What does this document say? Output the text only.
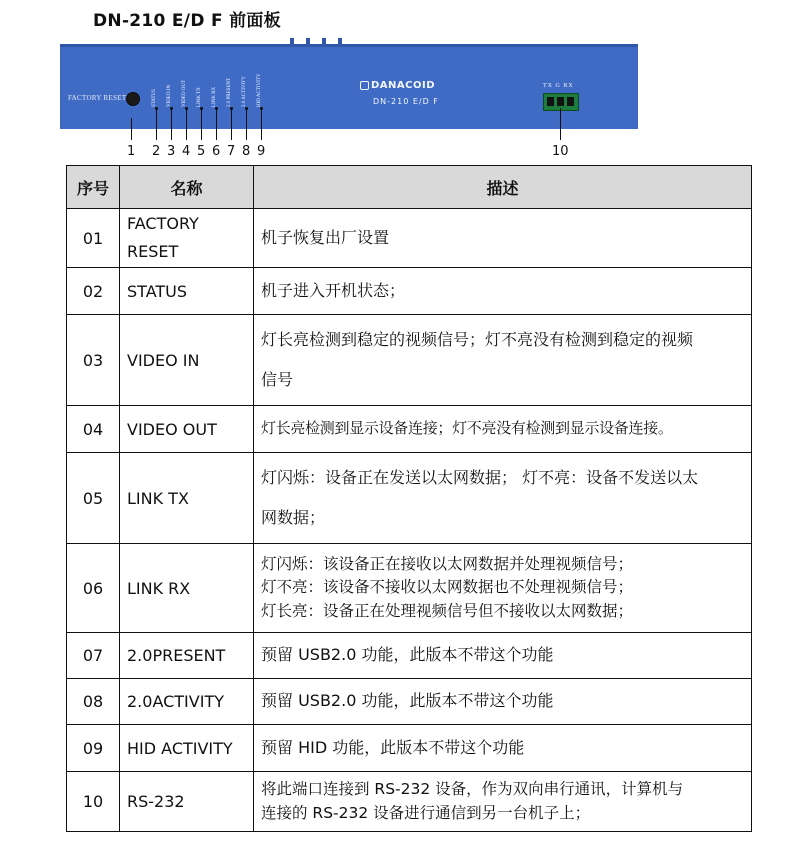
DN-210 E/D F 前面板
FACTORY RESET	STATUS VIDEO IN VIDEO OUT LINK TX LINK RX 2.0 PRESENT 2.0 ACTIVITY HID ACTIVITY	DANACOID
DN-210 E/D F
TX G RX
1 2 3 4 5 6 7 8 9	10
序号	名称	描述
01	FACTORY RESET	机子恢复出厂设置

02	STATUS	机子进入开机状态；

03	VIDEO IN	灯长亮检测到稳定的视频信号；灯不亮没有检测到稳定的视频
信号

04	VIDEO OUT	灯长亮检测到显示设备连接；灯不亮没有检测到显示设备连接。

05	LINK TX	灯闪烁：设备正在发送以太网数据； 灯不亮：设备不发送以太
网数据；

06	LINK RX	灯闪烁：该设备正在接收以太网数据并处理视频信号；
灯不亮：该设备不接收以太网数据也不处理视频信号；
灯长亮：设备正在处理视频信号但不接收以太网数据；

07	2.0PRESENT	预留 USB2.0 功能，此版本不带这个功能

08	2.0ACTIVITY	预留 USB2.0 功能，此版本不带这个功能

09	HID ACTIVITY	预留 HID 功能，此版本不带这个功能

10	RS-232	将此端口连接到 RS-232 设备，作为双向串行通讯，计算机与
连接的 RS-232 设备进行通信到另一台机子上；
